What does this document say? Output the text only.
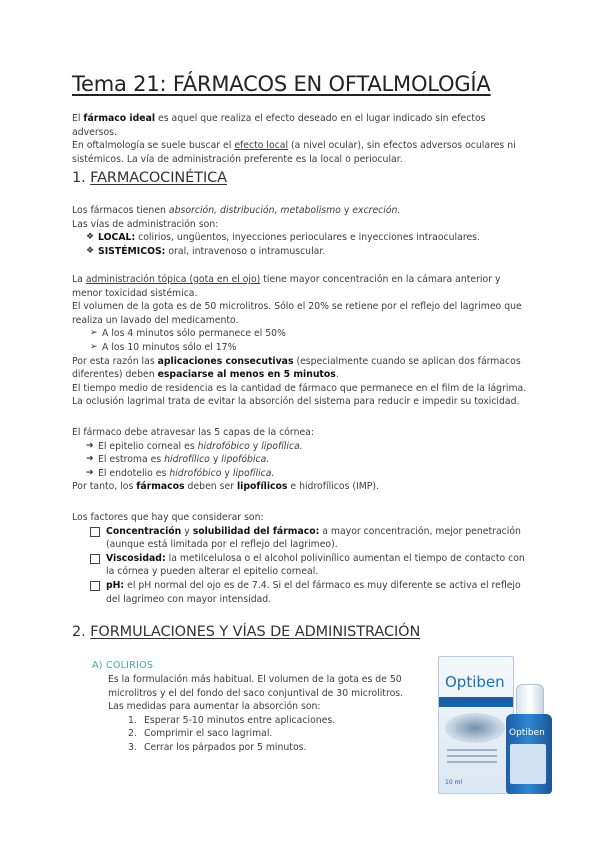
Tema 21: FÁRMACOS EN OFTALMOLOGÍA
El fármaco ideal es aquel que realiza el efecto deseado en el lugar indicado sin efectos adversos.
En oftalmología se suele buscar el efecto local (a nivel ocular), sin efectos adversos oculares ni sistémicos. La vía de administración preferente es la local o periocular.
1. FARMACOCINÉTICA
Los fármacos tienen absorción, distribución, metabolismo y excreción.
Las vías de administración son:
❖ LOCAL: colirios, ungüentos, inyecciones perioculares e inyecciones intraoculares.
❖ SISTÉMICOS: oral, intravenoso o intramuscular.
La administración tópica (gota en el ojo) tiene mayor concentración en la cámara anterior y menor toxicidad sistémica.
El volumen de la gota es de 50 microlitros. Sólo el 20% se retiene por el reflejo del lagrimeo que realiza un lavado del medicamento.
➢ A los 4 minutos sólo permanece el 50%
➢ A los 10 minutos sólo el 17%
Por esta razón las aplicaciones consecutivas (especialmente cuando se aplican dos fármacos diferentes) deben espaciarse al menos en 5 minutos.
El tiempo medio de residencia es la cantidad de fármaco que permanece en el film de la lágrima.
La oclusión lagrimal trata de evitar la absorción del sistema para reducir e impedir su toxicidad.
El fármaco debe atravesar las 5 capas de la córnea:
➔ El epitelio corneal es hidrofóbico y lipofílica.
➔ El estroma es hidrofílico y lipofóbica.
➔ El endotelio es hidrofóbico y lipofílica.
Por tanto, los fármacos deben ser lipofílicos e hidrofílicos (IMP).
Los factores que hay que considerar son:
Concentración y solubilidad del fármaco: a mayor concentración, mejor penetración (aunque está limitada por el reflejo del lagrimeo).
Viscosidad: la metilcelulosa o el alcohol polivinílico aumentan el tiempo de contacto con la córnea y pueden alterar el epitelio corneal.
pH: el pH normal del ojo es de 7.4. Si el del fármaco es muy diferente se activa el reflejo del lagrimeo con mayor intensidad.
2. FORMULACIONES Y VÍAS DE ADMINISTRACIÓN
A) COLIRIOS
Es la formulación más habitual. El volumen de la gota es de 50 microlitros y el del fondo del saco conjuntival de 30 microlitros.
Las medidas para aumentar la absorción son:
1. Esperar 5-10 minutos entre aplicaciones.
2. Comprimir el saco lagrimal.
3. Cerrar los párpados por 5 minutos.
Optiben
10 ml
Optiben
